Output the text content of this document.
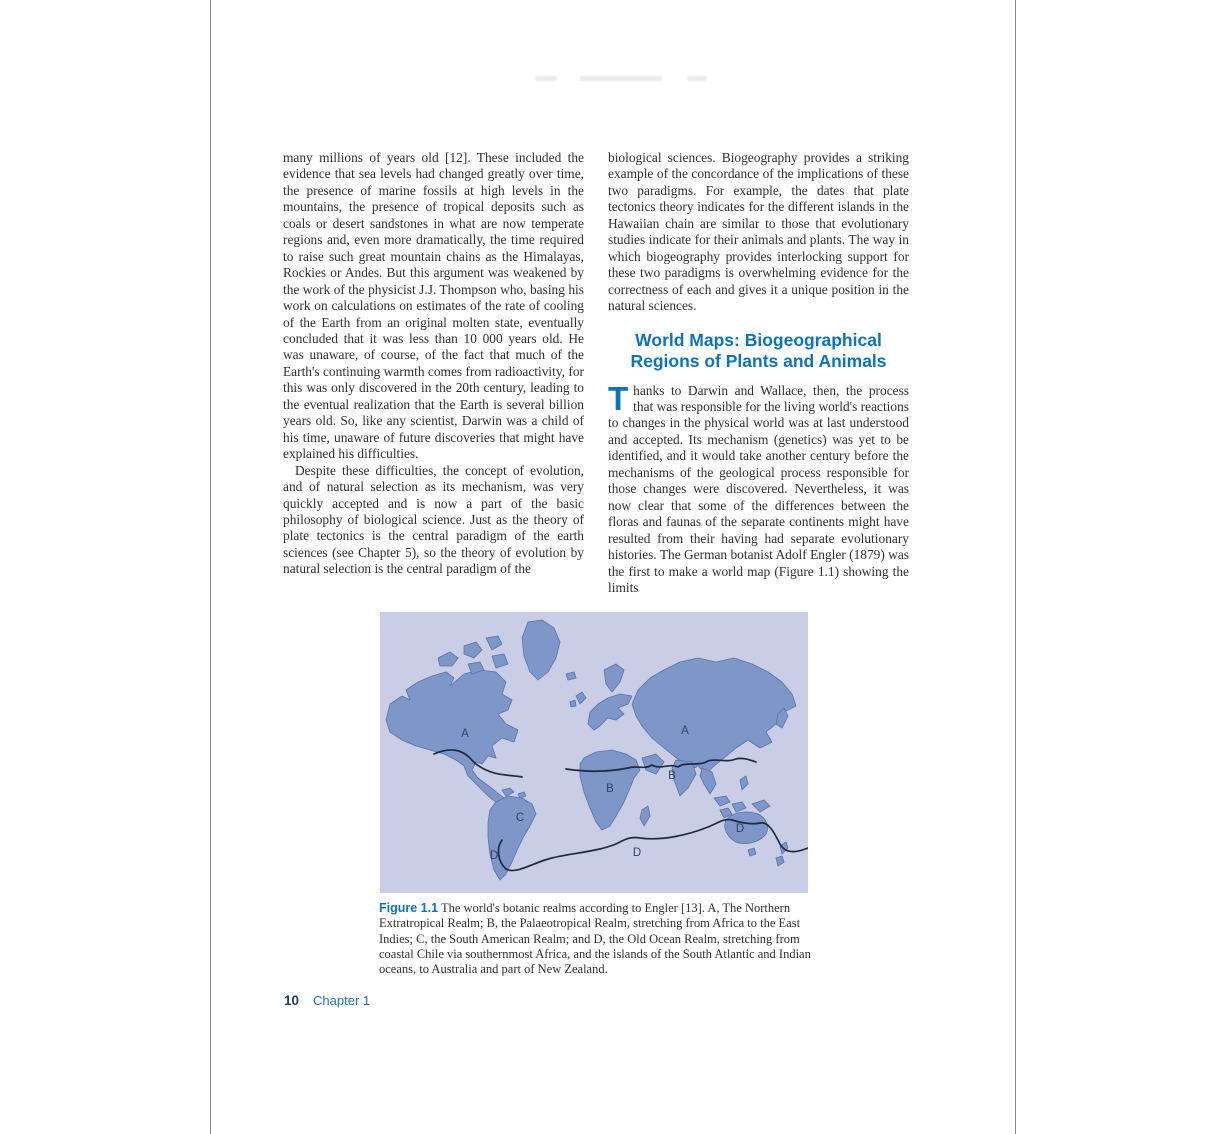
many millions of years old [12]. These included the evidence that sea levels had changed greatly over time, the presence of marine fossils at high levels in the mountains, the presence of tropical deposits such as coals or desert sandstones in what are now temperate regions and, even more dramatically, the time required to raise such great mountain chains as the Himalayas, Rockies or Andes. But this argument was weakened by the work of the physicist J.J. Thompson who, basing his work on calculations on estimates of the rate of cooling of the Earth from an original molten state, eventually concluded that it was less than 10 000 years old. He was unaware, of course, of the fact that much of the Earth's continuing warmth comes from radioactivity, for this was only discovered in the 20th century, leading to the eventual realization that the Earth is several billion years old. So, like any scientist, Darwin was a child of his time, unaware of future discoveries that might have explained his difficulties.

Despite these difficulties, the concept of evolution, and of natural selection as its mechanism, was very quickly accepted and is now a part of the basic philosophy of biological science. Just as the theory of plate tectonics is the central paradigm of the earth sciences (see Chapter 5), so the theory of evolution by natural selection is the central paradigm of the

biological sciences. Biogeography provides a striking example of the concordance of the implications of these two paradigms. For example, the dates that plate tectonics theory indicates for the different islands in the Hawaiian chain are similar to those that evolutionary studies indicate for their animals and plants. The way in which biogeography provides interlocking support for these two paradigms is overwhelming evidence for the correctness of each and gives it a unique position in the natural sciences.

World Maps: Biogeographical
Regions of Plants and Animals

Thanks to Darwin and Wallace, then, the process that was responsible for the living world's reactions to changes in the physical world was at last understood and accepted. Its mechanism (genetics) was yet to be identified, and it would take another century before the mechanisms of the geological process responsible for those changes were discovered. Nevertheless, it was now clear that some of the differences between the floras and faunas of the separate continents might have resulted from their having had separate evolutionary histories. The German botanist Adolf Engler (1879) was the first to make a world map (Figure 1.1) showing the limits

A	A
B
B
C
D	D
D
Figure 1.1 The world's botanic realms according to Engler [13]. A, The Northern Extratropical Realm; B, the Palaeotropical Realm, stretching from Africa to the East Indies; C, the South American Realm; and D, the Old Ocean Realm, stretching from coastal Chile via southernmost Africa, and the islands of the South Atlantic and Indian oceans, to Australia and part of New Zealand.
10 Chapter 1
